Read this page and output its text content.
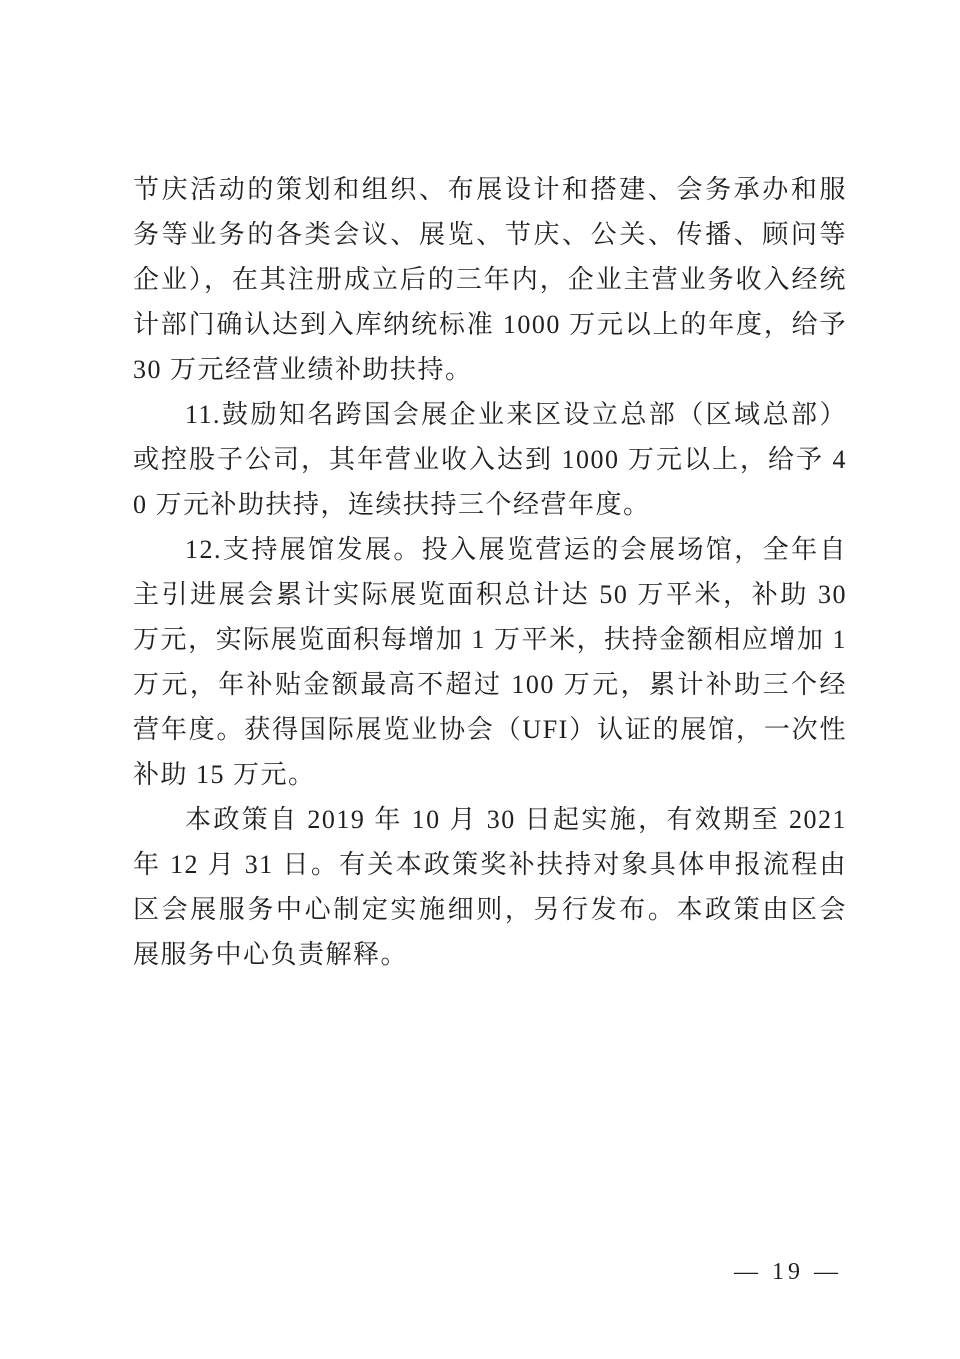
节庆活动的策划和组织、布展设计和搭建、会务承办和服务等业务的各类会议、展览、节庆、公关、传播、顾问等企业），在其注册成立后的三年内，企业主营业务收入经统计部门确认达到入库纳统标准 1000 万元以上的年度，给予 30 万元经营业绩补助扶持。

11.鼓励知名跨国会展企业来区设立总部（区域总部）或控股子公司，其年营业收入达到 1000 万元以上，给予 40 万元补助扶持，连续扶持三个经营年度。

12.支持展馆发展。投入展览营运的会展场馆，全年自主引进展会累计实际展览面积总计达 50 万平米，补助 30 万元，实际展览面积每增加 1 万平米，扶持金额相应增加 1 万元，年补贴金额最高不超过 100 万元，累计补助三个经营年度。获得国际展览业协会（UFI）认证的展馆，一次性补助 15 万元。

本政策自 2019 年 10 月 30 日起实施，有效期至 2021 年 12 月 31 日。有关本政策奖补扶持对象具体申报流程由区会展服务中心制定实施细则，另行发布。本政策由区会展服务中心负责解释。

— 19 —
